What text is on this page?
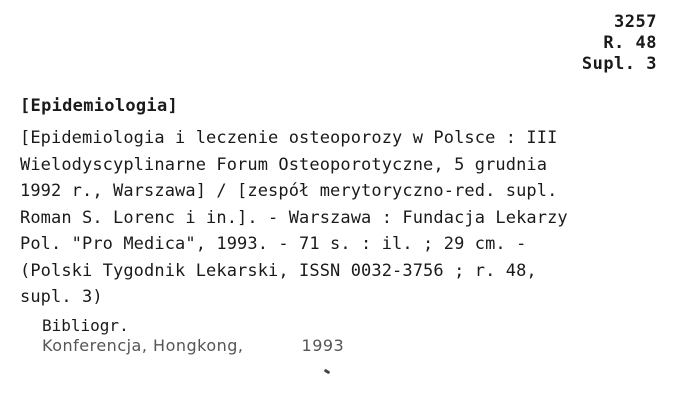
3257
R. 48
Supl. 3
[Epidemiologia]
[Epidemiologia i leczenie osteoporozy w Polsce : III
Wielodyscyplinarne Forum Osteoporotyczne, 5 grudnia
1992 r., Warszawa] / [zespół merytoryczno-red. supl.
Roman S. Lorenc i in.]. - Warszawa : Fundacja Lekarzy
Pol. "Pro Medica", 1993. - 71 s. : il. ; 29 cm. -
(Polski Tygodnik Lekarski, ISSN 0032-3756 ; r. 48,
supl. 3)
Bibliogr.
Konferencja, Hongkong,	1993
